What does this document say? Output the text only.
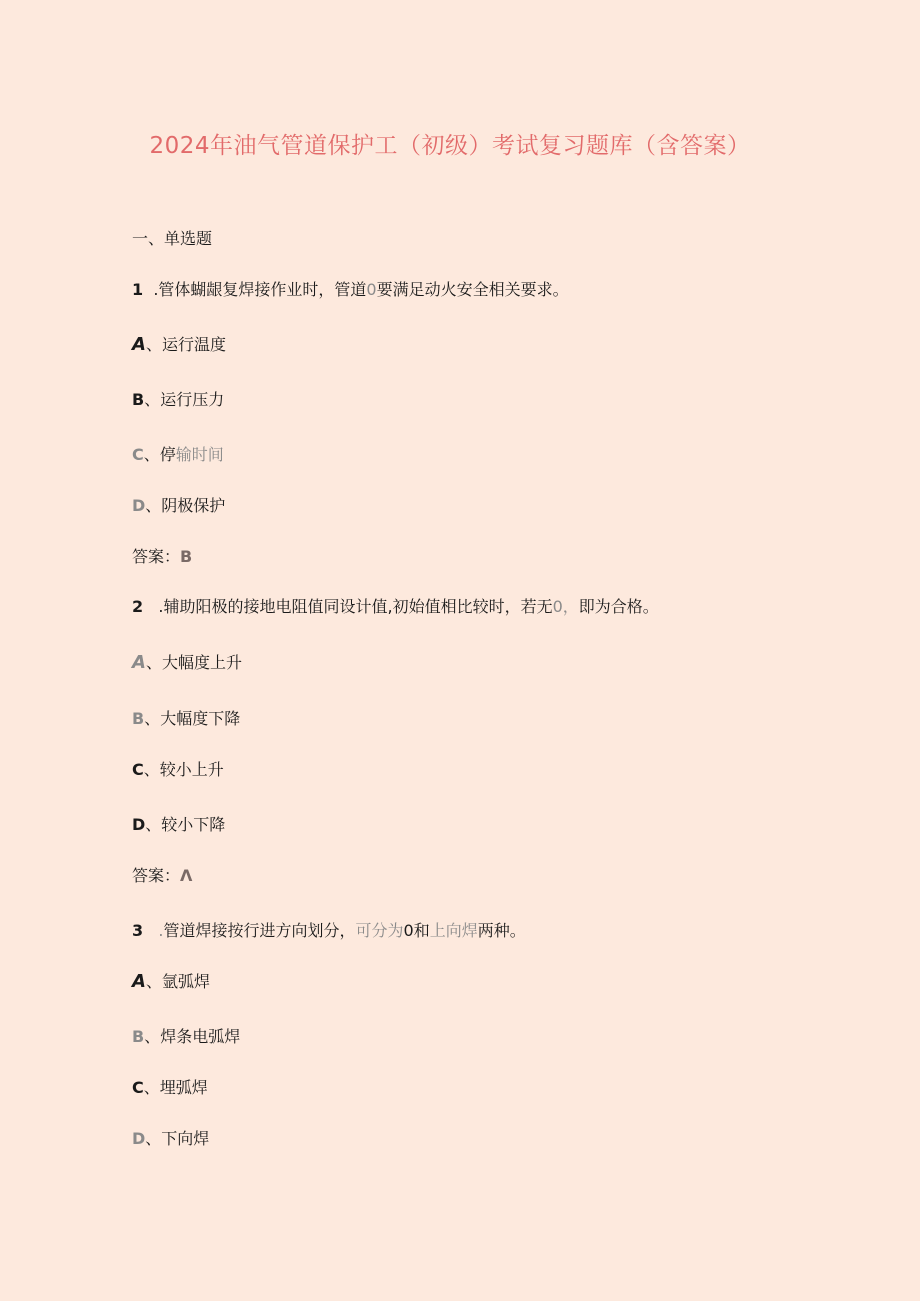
2024年油气管道保护工（初级）考试复习题库（含答案）
一、单选题
1  .管体蝴龈复焊接作业时，管道0要满足动火安全相关要求。
A、运行温度
B、运行压力
C、停输时间
D、阴极保护
答案：B
2   .辅助阳极的接地电阻值同设计值,初始值相比较时，若无0，即为合格。
A、大幅度上升
B、大幅度下降
C、较小上升
D、较小下降
答案：Λ
3   .管道焊接按行进方向划分，可分为0和上向焊两种。
A、氩弧焊
B、焊条电弧焊
C、埋弧焊
D、下向焊
